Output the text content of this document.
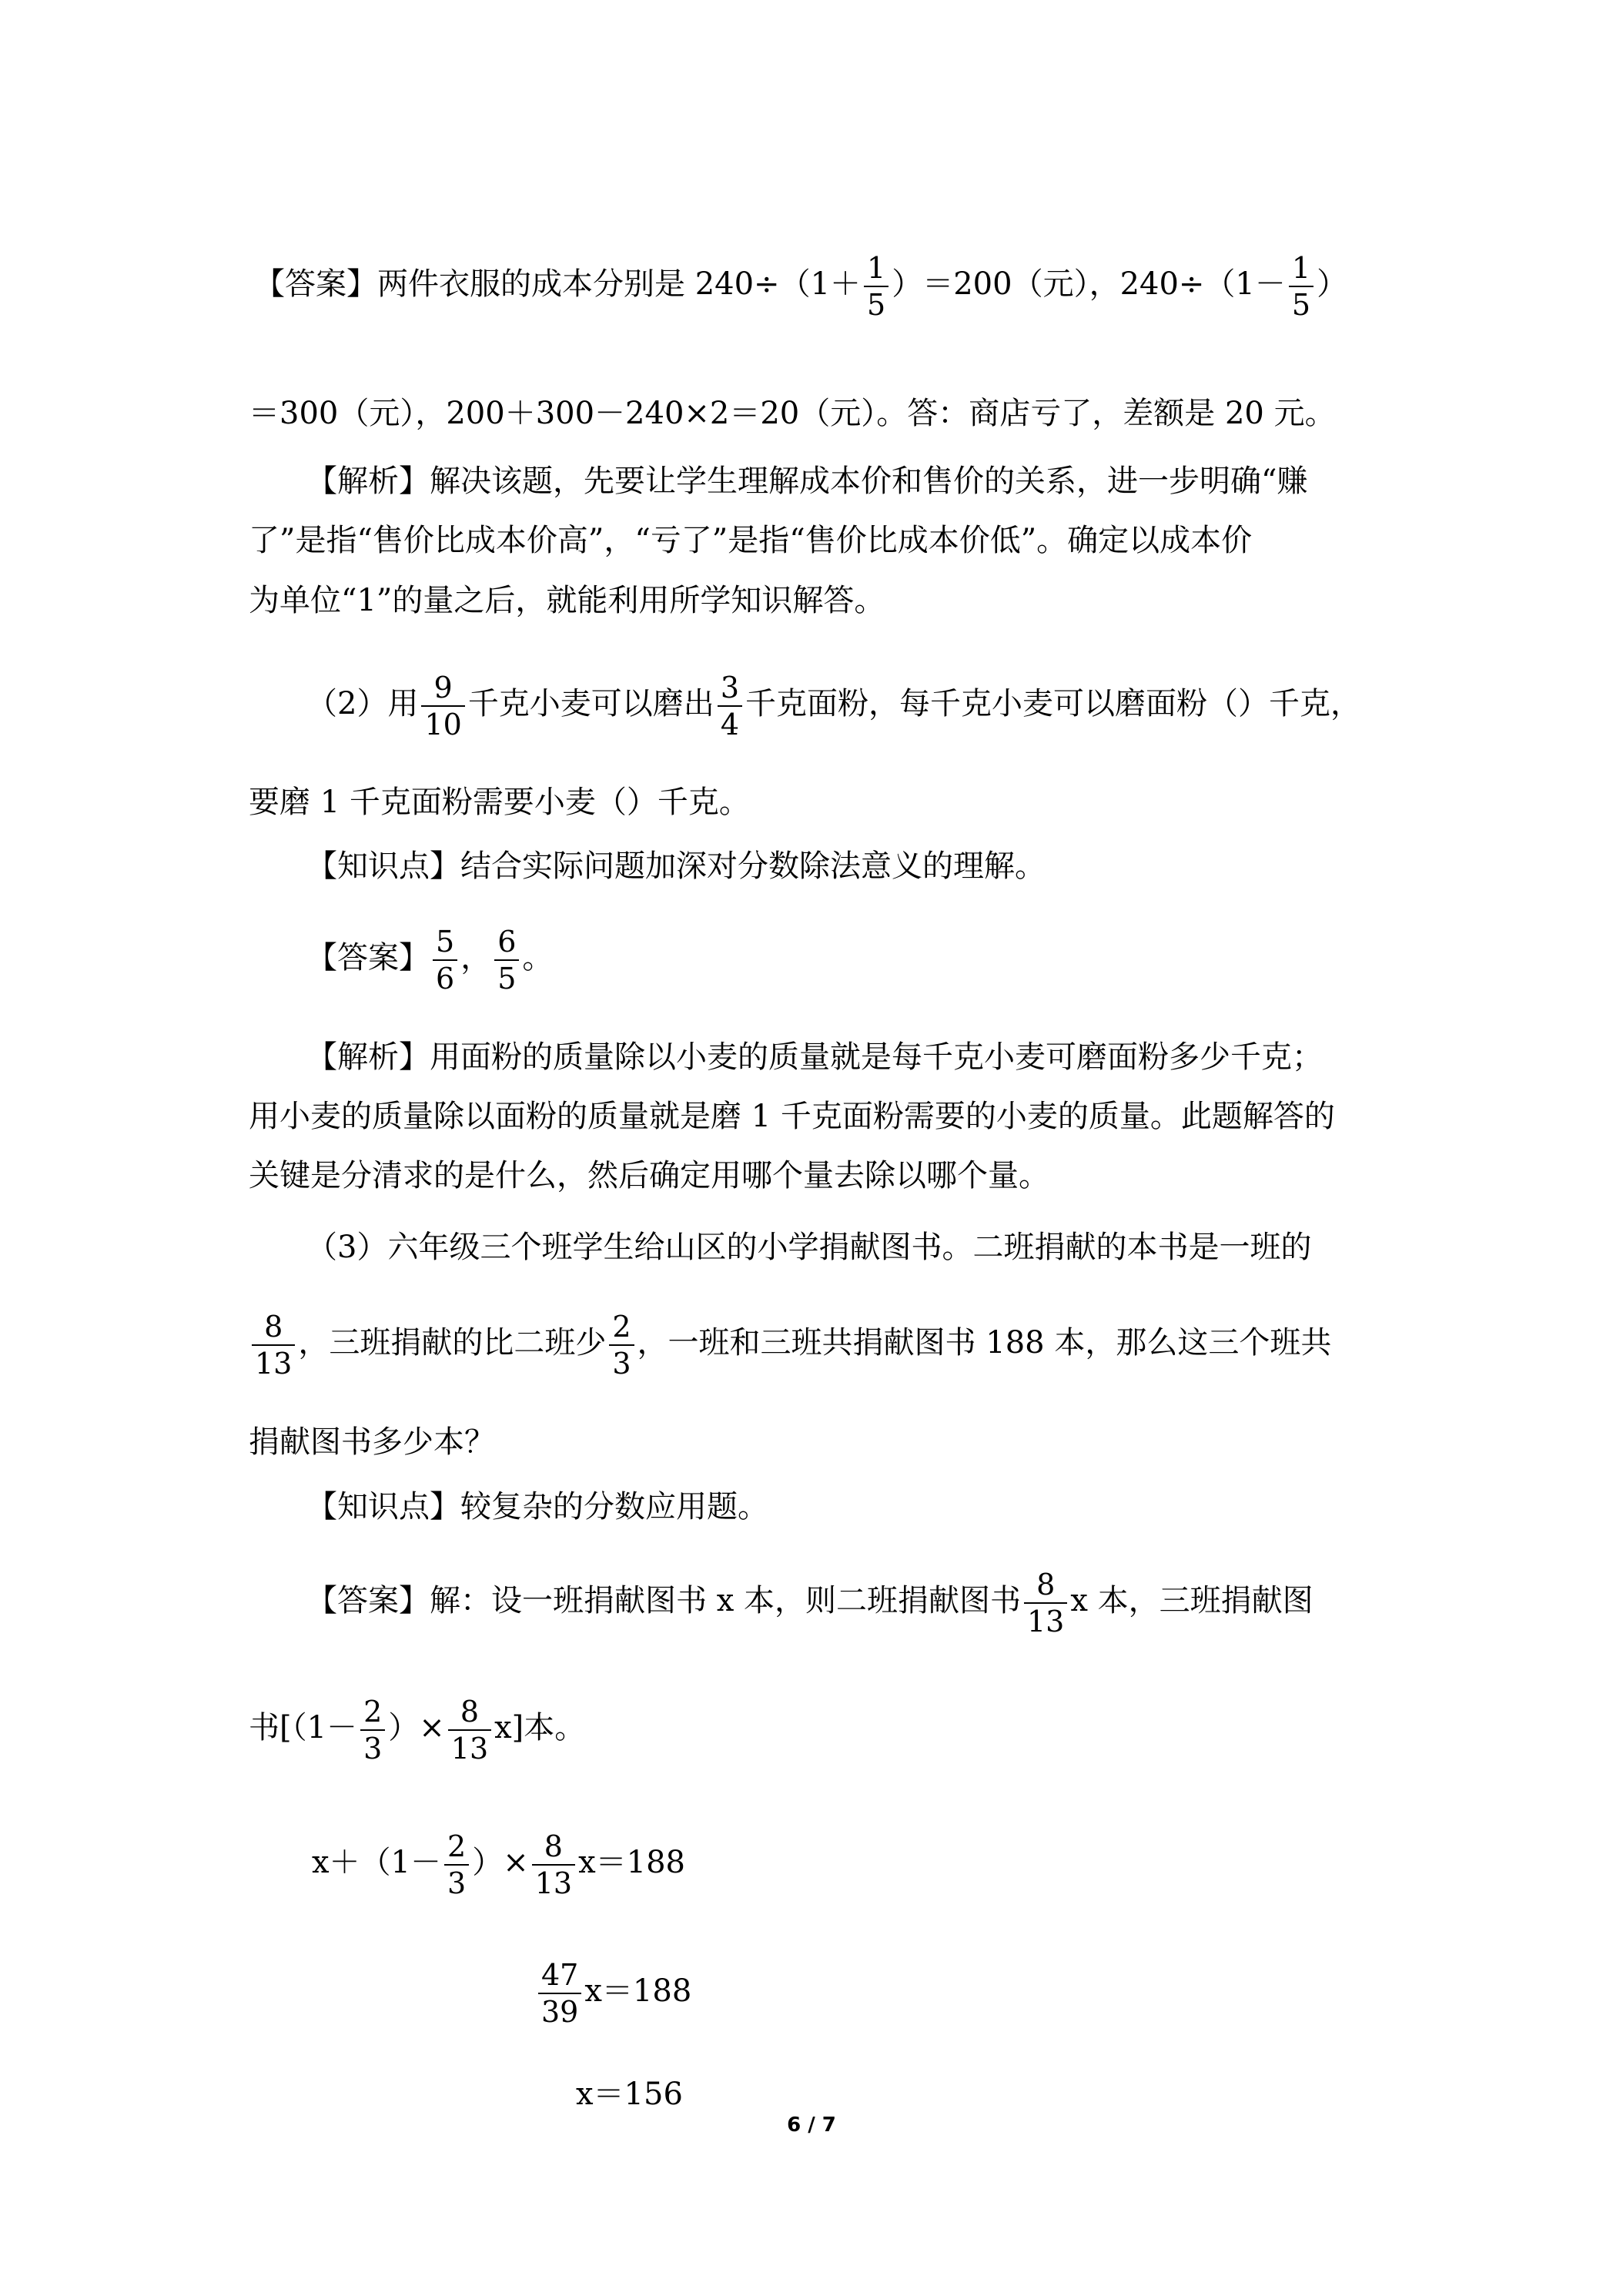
【答案】两件衣服的成本分别是 $240\div(1+ \frac{1}{5} )=200$（元），$240\div(1- \frac{1}{5}$ ）
＝300（元），200＋300－240×2＝20（元）。答：商店亏了，差额是 20 元。
【解析】解决该题，先要让学生理解成本价和售价的关系，进一步明确“赚
了”是指“售价比成本价高”，“亏了”是指“售价比成本价低”。确定以成本价
为单位“1”的量之后，就能利用所学知识解答。
（2）用 $\frac{9}{10}$ 千克小麦可以磨出 $\frac{3}{4}$ 千克面粉，每千克小麦可以磨面粉（）千克，
要磨 1 千克面粉需要小麦（）千克。
【知识点】结合实际问题加深对分数除法意义的理解。
【答案】 $\frac{5}{6}$ ， $\frac{6}{5}$ 。
【解析】用面粉的质量除以小麦的质量就是每千克小麦可磨面粉多少千克；
用小麦的质量除以面粉的质量就是磨 1 千克面粉需要的小麦的质量。此题解答的
关键是分清求的是什么，然后确定用哪个量去除以哪个量。
（3）六年级三个班学生给山区的小学捐献图书。二班捐献的本书是一班的
$\frac{8}{13}$ ，三班捐献的比二班少 $\frac{2}{3}$ ，一班和三班共捐献图书 188 本，那么这三个班共
捐献图书多少本？
【知识点】较复杂的分数应用题。
【答案】解：设一班捐献图书 x 本，则二班捐献图书 $\frac{8}{13}$ x 本，三班捐献图
书[（$1- \frac{2}{3}$ ）× $\frac{8}{13} x$]本。
$x+(1- \frac{2}{3}$ ）× $\frac{8}{13} x=188$
$\frac{47}{39} x=188$
x＝156
6 / 7
